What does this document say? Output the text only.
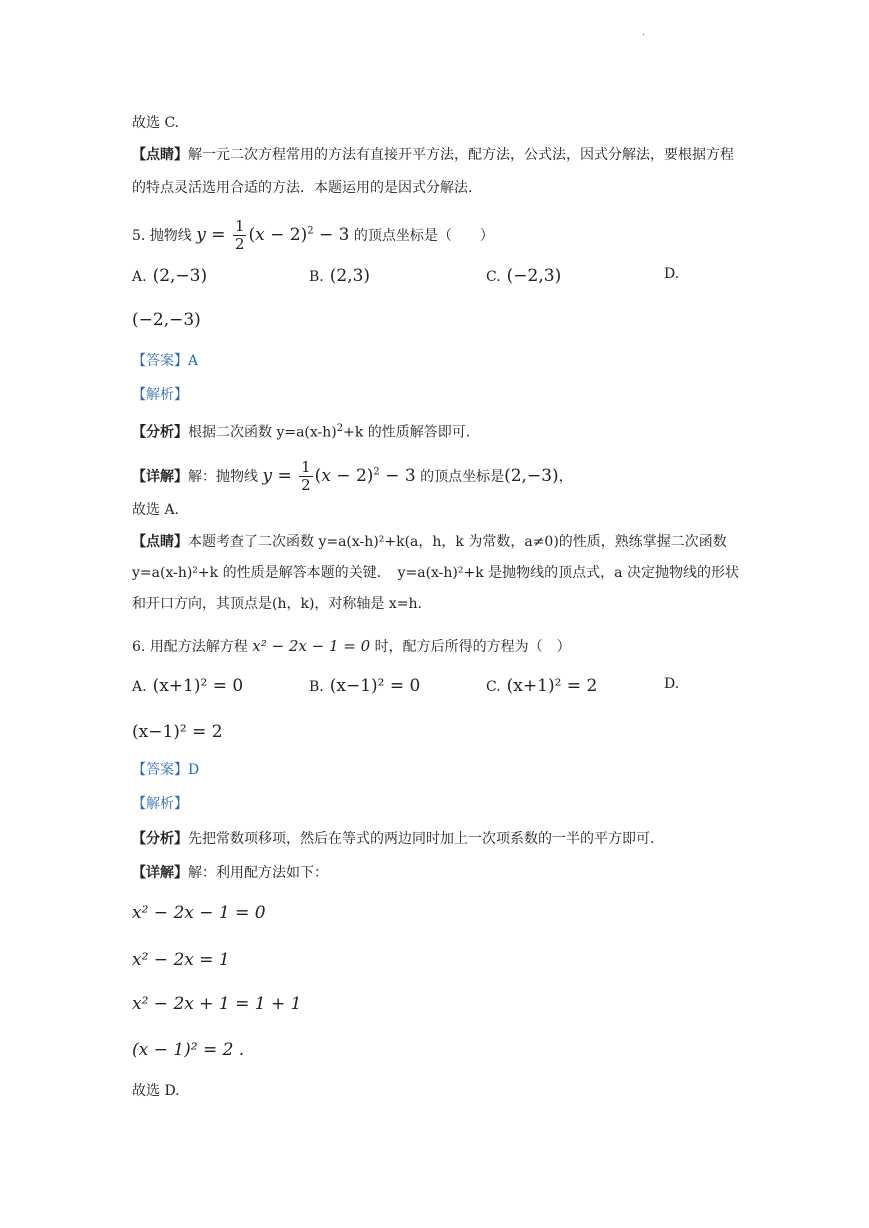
·
故选 C.
【点睛】解一元二次方程常用的方法有直接开平方法，配方法，公式法，因式分解法，要根据方程的特点灵活选用合适的方法．本题运用的是因式分解法.
5. 抛物线 $y = \frac{1}{2} (x - 2)^2 - 3$ 的顶点坐标是（　　）
A. (2,−3)	B. (2,3)	C. (−2,3)	D.
(−2,−3)
【答案】A
【解析】
【分析】根据二次函数 $y=a(x-h)^2+k$ 的性质解答即可.
【详解】解：抛物线 $y = \frac{1}{2} (x - 2)^2 - 3$ 的顶点坐标是(2,−3)，
故选 A.
【点睛】本题考查了二次函数 y=a(x-h)²+k(a，h，k 为常数，a≠0)的性质，熟练掌握二次函数 y=a(x-h)²+k 的性质是解答本题的关键．　y=a(x-h)²+k 是抛物线的顶点式，a 决定抛物线的形状和开口方向，其顶点是(h，k)，对称轴是 x=h.
6. 用配方法解方程 x² − 2x − 1 = 0 时，配方后所得的方程为（　）
A. (x+1)² = 0	B. (x−1)² = 0	C. (x+1)² = 2	D.
(x−1)² = 2
【答案】D
【解析】
【分析】先把常数项移项，然后在等式的两边同时加上一次项系数的一半的平方即可.
【详解】解：利用配方法如下：
x² − 2x − 1 = 0
x² − 2x = 1
x² − 2x + 1 = 1 + 1
(x − 1)² = 2 .
故选 D.
